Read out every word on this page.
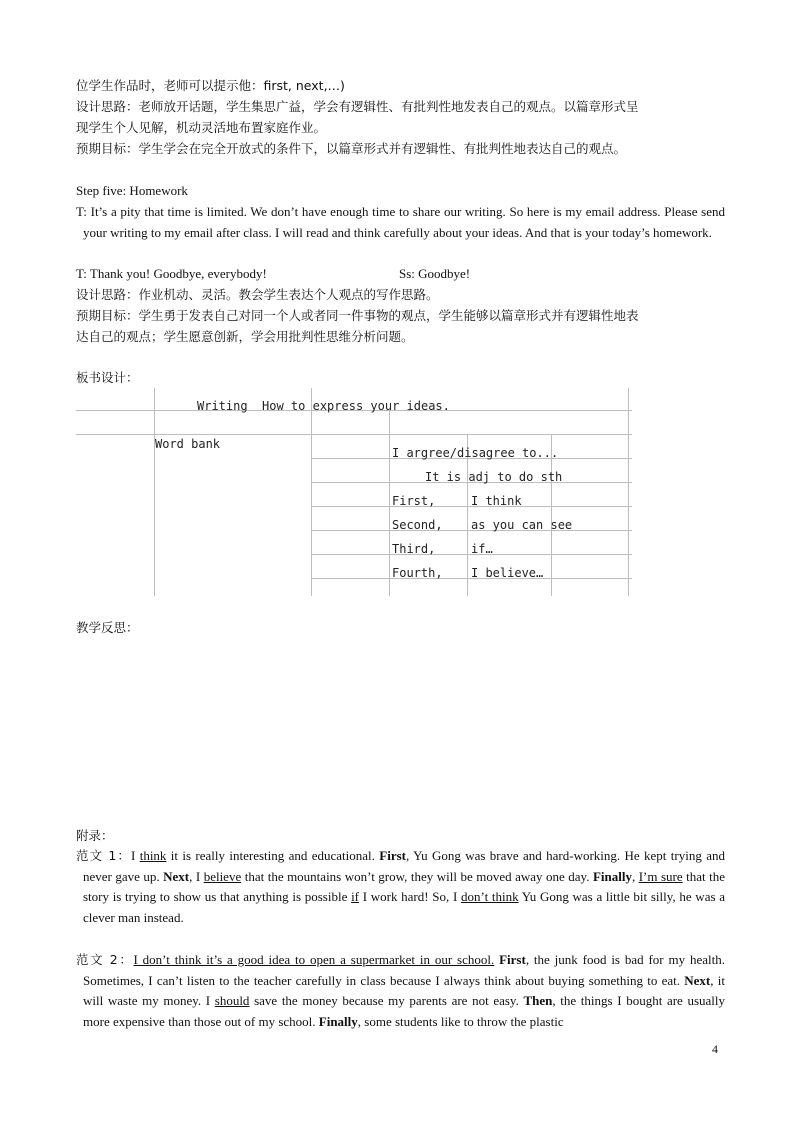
位学生作品时，老师可以提示他：first, next,…)
设计思路：老师放开话题，学生集思广益，学会有逻辑性、有批判性地发表自己的观点。以篇章形式呈
现学生个人见解，机动灵活地布置家庭作业。
预期目标：学生学会在完全开放式的条件下，以篇章形式并有逻辑性、有批判性地表达自己的观点。
Step five: Homework
T: It’s a pity that time is limited. We don’t have enough time to share our writing. So here is my email address. Please send your writing to my email after class. I will read and think carefully about your ideas. And that is your today’s homework.
T: Thank you! Goodbye, everybody!	Ss: Goodbye!
设计思路：作业机动、灵活。教会学生表达个人观点的写作思路。
预期目标：学生勇于发表自己对同一个人或者同一件事物的观点，学生能够以篇章形式并有逻辑性地表
达自己的观点；学生愿意创新，学会用批判性思维分析问题。
板书设计：
Writing  How to express your ideas.
Word bank
I argree/disagree to...
It is adj to do sth
First,	I think
Second, as you can see
Third,	if…
Fourth, I believe…
教学反思：
附录：
范文 1：I think it is really interesting and educational. First, Yu Gong was brave and hard-working. He kept trying and never gave up. Next, I believe that the mountains won’t grow, they will be moved away one day. Finally, I’m sure that the story is trying to show us that anything is possible if I work hard! So, I don’t think Yu Gong was a little bit silly, he was a clever man instead.
范文 2：I don’t think it’s a good idea to open a supermarket in our school. First, the junk food is bad for my health. Sometimes, I can’t listen to the teacher carefully in class because I always think about buying something to eat. Next, it will waste my money. I should save the money because my parents are not easy. Then, the things I bought are usually more expensive than those out of my school. Finally, some students like to throw the plastic
4
